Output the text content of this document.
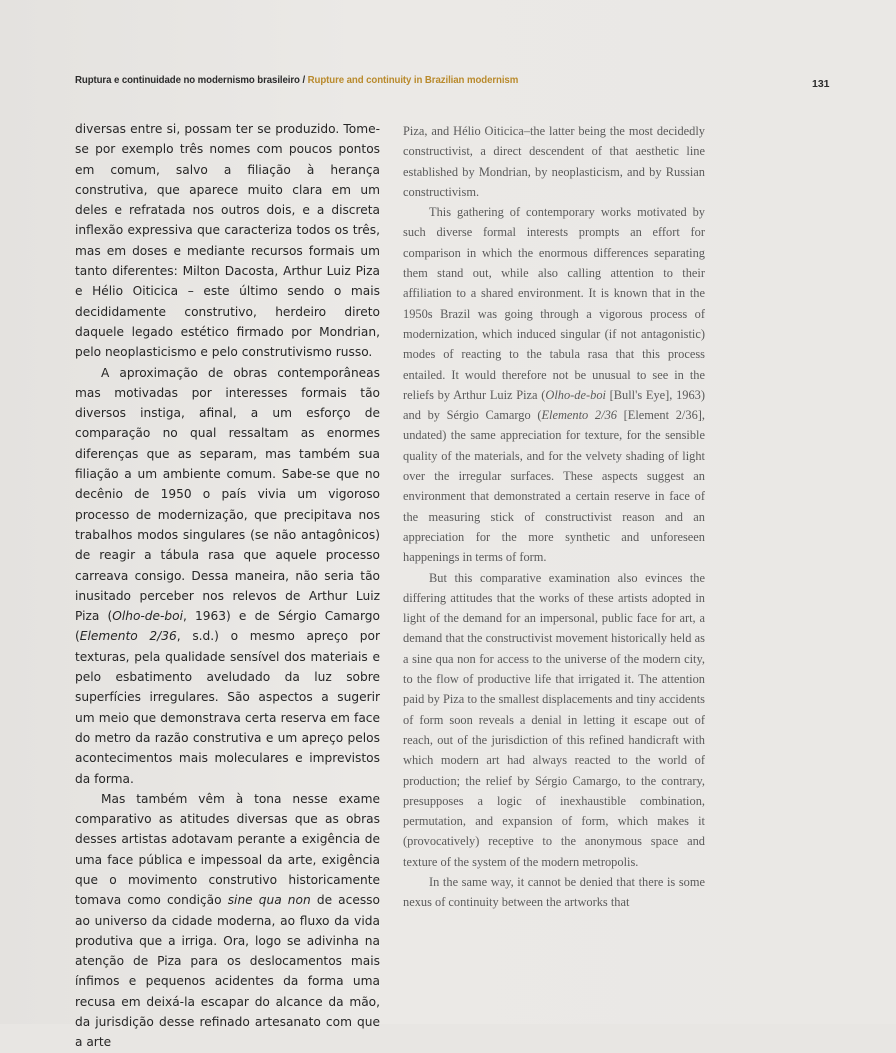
Ruptura e continuidade no modernismo brasileiro / Rupture and continuity in Brazilian modernism	131

diversas entre si, possam ter se produzido. Tome-se por exemplo três nomes com poucos pontos em comum, salvo a filiação à herança construtiva, que aparece muito clara em um deles e refratada nos outros dois, e a discreta inflexão expressiva que caracteriza todos os três, mas em doses e mediante recursos formais um tanto diferentes: Milton Dacosta, Arthur Luiz Piza e Hélio Oiticica – este último sendo o mais decididamente construtivo, herdeiro direto daquele legado estético firmado por Mondrian, pelo neoplasticismo e pelo construtivismo russo.

A aproximação de obras contemporâneas mas motivadas por interesses formais tão diversos instiga, afinal, a um esforço de comparação no qual ressaltam as enormes diferenças que as separam, mas também sua filiação a um ambiente comum. Sabe-se que no decênio de 1950 o país vivia um vigoroso processo de modernização, que precipitava nos trabalhos modos singulares (se não antagônicos) de reagir a tábula rasa que aquele processo carreava consigo. Dessa maneira, não seria tão inusitado perceber nos relevos de Arthur Luiz Piza (Olho-de-boi, 1963) e de Sérgio Camargo (Elemento 2/36, s.d.) o mesmo apreço por texturas, pela qualidade sensível dos materiais e pelo esbatimento aveludado da luz sobre superfícies irregulares. São aspectos a sugerir um meio que demonstrava certa reserva em face do metro da razão construtiva e um apreço pelos acontecimentos mais moleculares e imprevistos da forma.

Mas também vêm à tona nesse exame comparativo as atitudes diversas que as obras desses artistas adotavam perante a exigência de uma face pública e impessoal da arte, exigência que o movimento construtivo historicamente tomava como condição sine qua non de acesso ao universo da cidade moderna, ao fluxo da vida produtiva que a irriga. Ora, logo se adivinha na atenção de Piza para os deslocamentos mais ínfimos e pequenos acidentes da forma uma recusa em deixá-la escapar do alcance da mão, da jurisdição desse refinado artesanato com que a arte

Piza, and Hélio Oiticica–the latter being the most decidedly constructivist, a direct descendent of that aesthetic line established by Mondrian, by neoplasticism, and by Russian constructivism.

This gathering of contemporary works motivated by such diverse formal interests prompts an effort for comparison in which the enormous differences separating them stand out, while also calling attention to their affiliation to a shared environment. It is known that in the 1950s Brazil was going through a vigorous process of modernization, which induced singular (if not antagonistic) modes of reacting to the tabula rasa that this process entailed. It would therefore not be unusual to see in the reliefs by Arthur Luiz Piza (Olho-de-boi [Bull's Eye], 1963) and by Sérgio Camargo (Elemento 2/36 [Element 2/36], undated) the same appreciation for texture, for the sensible quality of the materials, and for the velvety shading of light over the irregular surfaces. These aspects suggest an environment that demonstrated a certain reserve in face of the measuring stick of constructivist reason and an appreciation for the more synthetic and unforeseen happenings in terms of form.

But this comparative examination also evinces the differing attitudes that the works of these artists adopted in light of the demand for an impersonal, public face for art, a demand that the constructivist movement historically held as a sine qua non for access to the universe of the modern city, to the flow of productive life that irrigated it. The attention paid by Piza to the smallest displacements and tiny accidents of form soon reveals a denial in letting it escape out of reach, out of the jurisdiction of this refined handicraft with which modern art had always reacted to the world of production; the relief by Sérgio Camargo, to the contrary, presupposes a logic of inexhaustible combination, permutation, and expansion of form, which makes it (provocatively) receptive to the anonymous space and texture of the system of the modern metropolis.

In the same way, it cannot be denied that there is some nexus of continuity between the artworks that
